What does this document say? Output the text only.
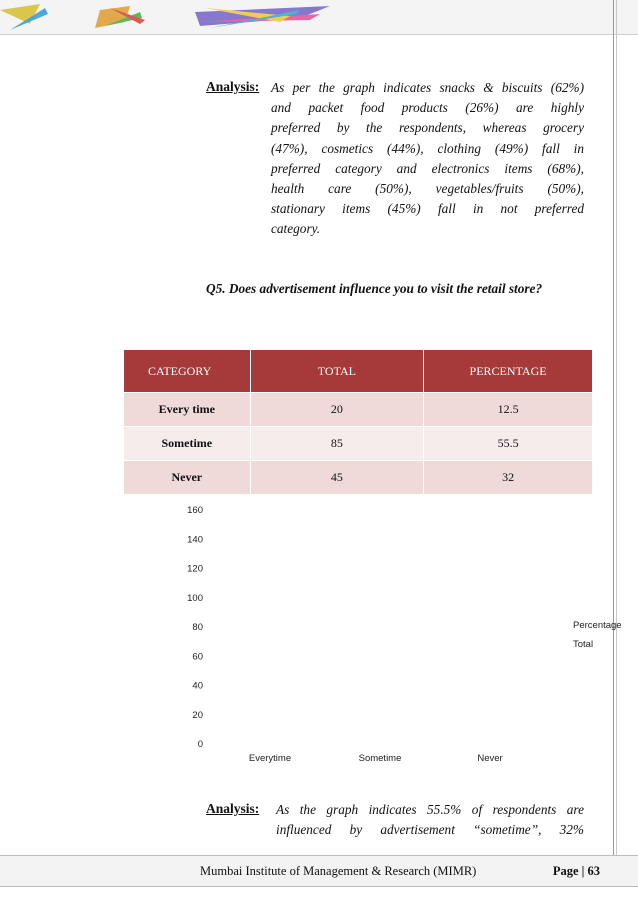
Analysis: As per the graph indicates snacks & biscuits (62%)
and packet food products (26%) are highly
preferred by the respondents, whereas grocery
(47%), cosmetics (44%), clothing (49%) fall in
preferred category and electronics items (68%),
health care (50%), vegetables/fruits (50%),
stationary items (45%) fall in not preferred
category.
Q5. Does advertisement influence you to visit the retail store?
CATEGORY	TOTAL	PERCENTAGE
Every time	20	12.5
Sometime	85	55.5
Never	45	32
0
20
40
60
80
100
120
140
160
Everytime	Sometime	Never
Percentage
Total
Analysis: As the graph indicates 55.5% of respondents are
influenced by advertisement “sometime”, 32%
Mumbai Institute of Management & Research (MIMR)	Page | 63
